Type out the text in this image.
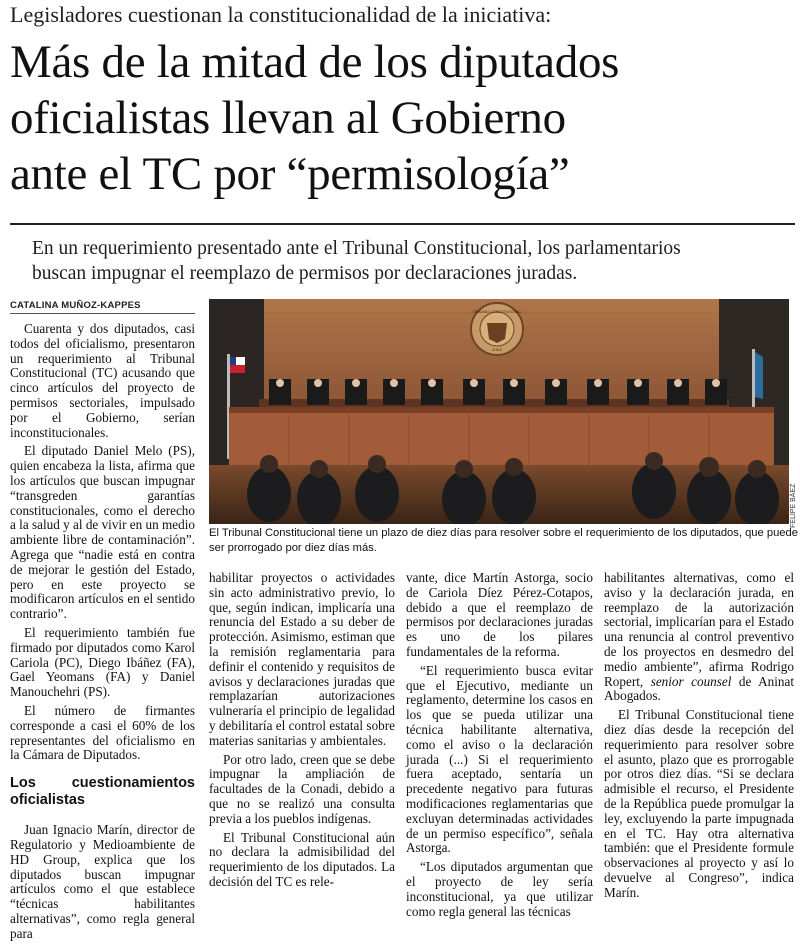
Legisladores cuestionan la constitucionalidad de la iniciativa:
Más de la mitad de los diputados
oficialistas llevan al Gobierno
ante el TC por “permisología”
En un requerimiento presentado ante el Tribunal Constitucional, los parlamentarios
buscan impugnar el reemplazo de permisos por declaraciones juradas.
CATALINA MUÑOZ-KAPPES

Cuarenta y dos diputados, casi todos del oficialismo, presentaron un requerimiento al Tribunal Constitucional (TC) acusando que cinco artículos del proyecto de permisos sectoriales, impulsado por el Gobierno, serían inconstitucionales.

El diputado Daniel Melo (PS), quien encabeza la lista, afirma que los artículos que buscan impugnar “transgreden garantías constitucionales, como el derecho a la salud y al de vivir en un medio ambiente libre de contaminación”. Agrega que “nadie está en contra de mejorar le gestión del Estado, pero en este proyecto se modificaron artículos en el sentido contrario”.

El requerimiento también fue firmado por diputados como Karol Cariola (PC), Diego Ibáñez (FA), Gael Yeomans (FA) y Daniel Manouchehri (PS).

El número de firmantes corresponde a casi el 60% de los representantes del oficialismo en la Cámara de Diputados.

Los cuestionamientos oficialistas

Juan Ignacio Marín, director de Regulatorio y Medioambiente de HD Group, explica que los diputados buscan impugnar artículos como el que establece “técnicas habilitantes alternativas”, como regla general para

TRIBUNAL CONSTITUCIONAL
CHILE
FELIPE BÁEZ
El Tribunal Constitucional tiene un plazo de diez días para resolver sobre el requerimiento de los diputados, que puede
ser prorrogado por diez días más.

habilitar proyectos o actividades sin acto administrativo previo, lo que, según indican, implicaría una renuncia del Estado a su deber de protección. Asimismo, estiman que la remisión reglamentaria para definir el contenido y requisitos de avisos y declaraciones juradas que remplazarían autorizaciones vulneraría el principio de legalidad y debilitaría el control estatal sobre materias sanitarias y ambientales.

Por otro lado, creen que se debe impugnar la ampliación de facultades de la Conadi, debido a que no se realizó una consulta previa a los pueblos indígenas.

El Tribunal Constitucional aún no declara la admisibilidad del requerimiento de los diputados. La decisión del TC es rele-

vante, dice Martín Astorga, socio de Cariola Díez Pérez-Cotapos, debido a que el reemplazo de permisos por declaraciones juradas es uno de los pilares fundamentales de la reforma.

“El requerimiento busca evitar que el Ejecutivo, mediante un reglamento, determine los casos en los que se pueda utilizar una técnica habilitante alternativa, como el aviso o la declaración jurada (...) Si el requerimiento fuera aceptado, sentaría un precedente negativo para futuras modificaciones reglamentarias que excluyan determinadas actividades de un permiso específico”, señala Astorga.

“Los diputados argumentan que el proyecto de ley sería inconstitucional, ya que utilizar como regla general las técnicas

habilitantes alternativas, como el aviso y la declaración jurada, en reemplazo de la autorización sectorial, implicarían para el Estado una renuncia al control preventivo de los proyectos en desmedro del medio ambiente”, afirma Rodrigo Ropert, senior counsel de Aninat Abogados.

El Tribunal Constitucional tiene diez días desde la recepción del requerimiento para resolver sobre el asunto, plazo que es prorrogable por otros diez días. “Si se declara admisible el recurso, el Presidente de la República puede promulgar la ley, excluyendo la parte impugnada en el TC. Hay otra alternativa también: que el Presidente formule observaciones al proyecto y así lo devuelve al Congreso”, indica Marín.
